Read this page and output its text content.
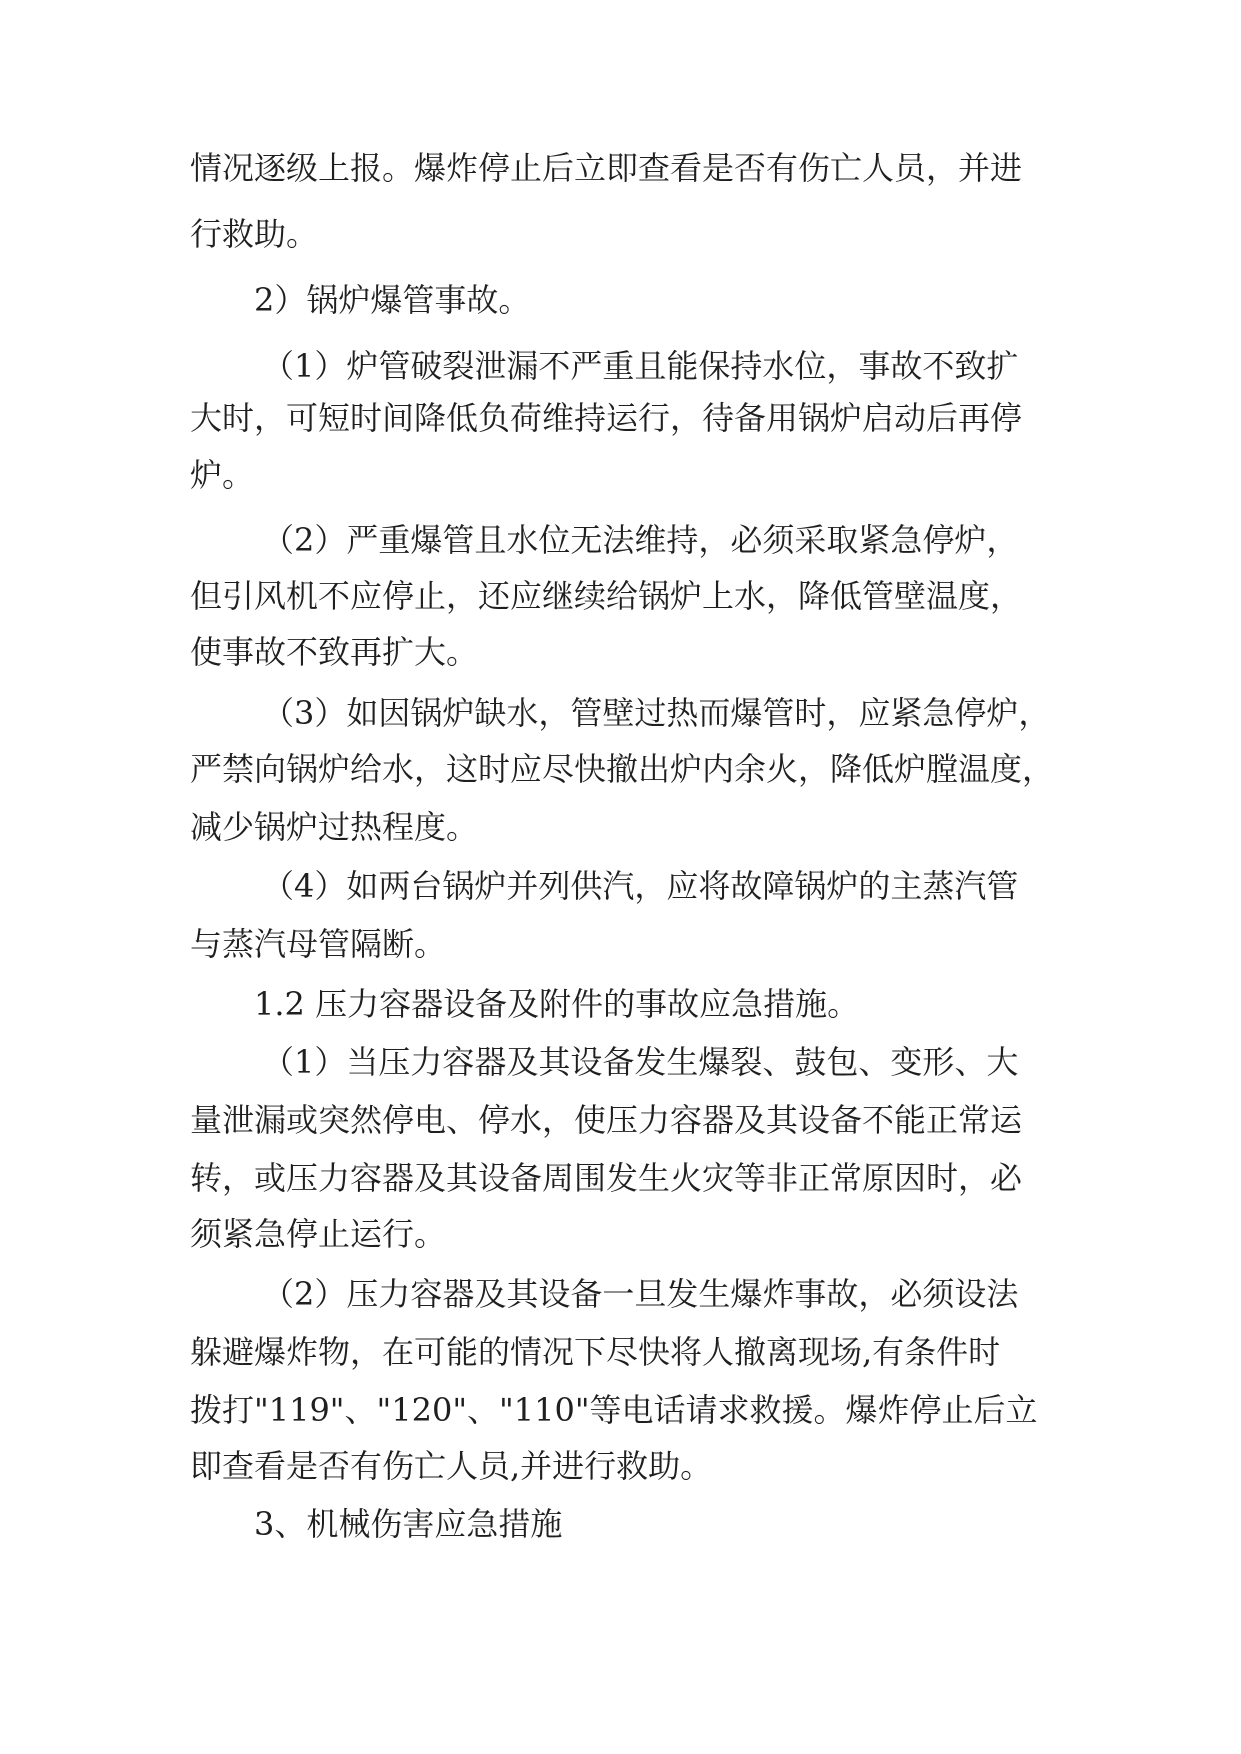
情况逐级上报。爆炸停止后立即查看是否有伤亡人员，并进

行救助。

2）锅炉爆管事故。

（1）炉管破裂泄漏不严重且能保持水位，事故不致扩

大时，可短时间降低负荷维持运行，待备用锅炉启动后再停

炉。

（2）严重爆管且水位无法维持，必须采取紧急停炉，

但引风机不应停止，还应继续给锅炉上水，降低管壁温度，

使事故不致再扩大。

（3）如因锅炉缺水，管壁过热而爆管时，应紧急停炉，

严禁向锅炉给水，这时应尽快撤出炉内余火，降低炉膛温度，

减少锅炉过热程度。

（4）如两台锅炉并列供汽，应将故障锅炉的主蒸汽管

与蒸汽母管隔断。

1.2 压力容器设备及附件的事故应急措施。

（1）当压力容器及其设备发生爆裂、鼓包、变形、大

量泄漏或突然停电、停水，使压力容器及其设备不能正常运

转，或压力容器及其设备周围发生火灾等非正常原因时，必

须紧急停止运行。

（2）压力容器及其设备一旦发生爆炸事故，必须设法

躲避爆炸物，在可能的情况下尽快将人撤离现场,有条件时

拨打"119"、"120"、"110"等电话请求救援。爆炸停止后立

即查看是否有伤亡人员,并进行救助。

3、机械伤害应急措施
